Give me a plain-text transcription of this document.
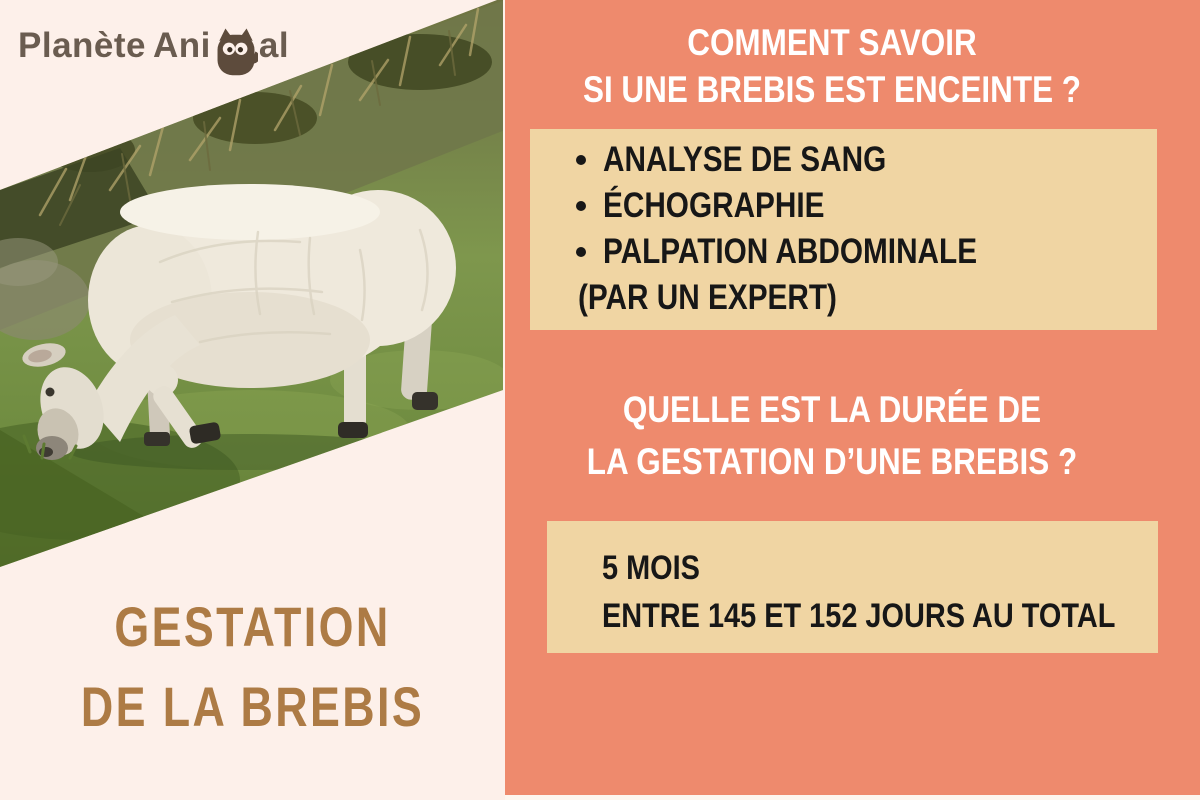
Planète Ani al
GESTATION
DE LA BREBIS
COMMENT SAVOIR
SI UNE BREBIS EST ENCEINTE ?
ANALYSE DE SANG
ÉCHOGRAPHIE
PALPATION ABDOMINALE
(PAR UN EXPERT)
QUELLE EST LA DURÉE DE
LA GESTATION D’UNE BREBIS ?
5 MOIS
ENTRE 145 ET 152 JOURS AU TOTAL
